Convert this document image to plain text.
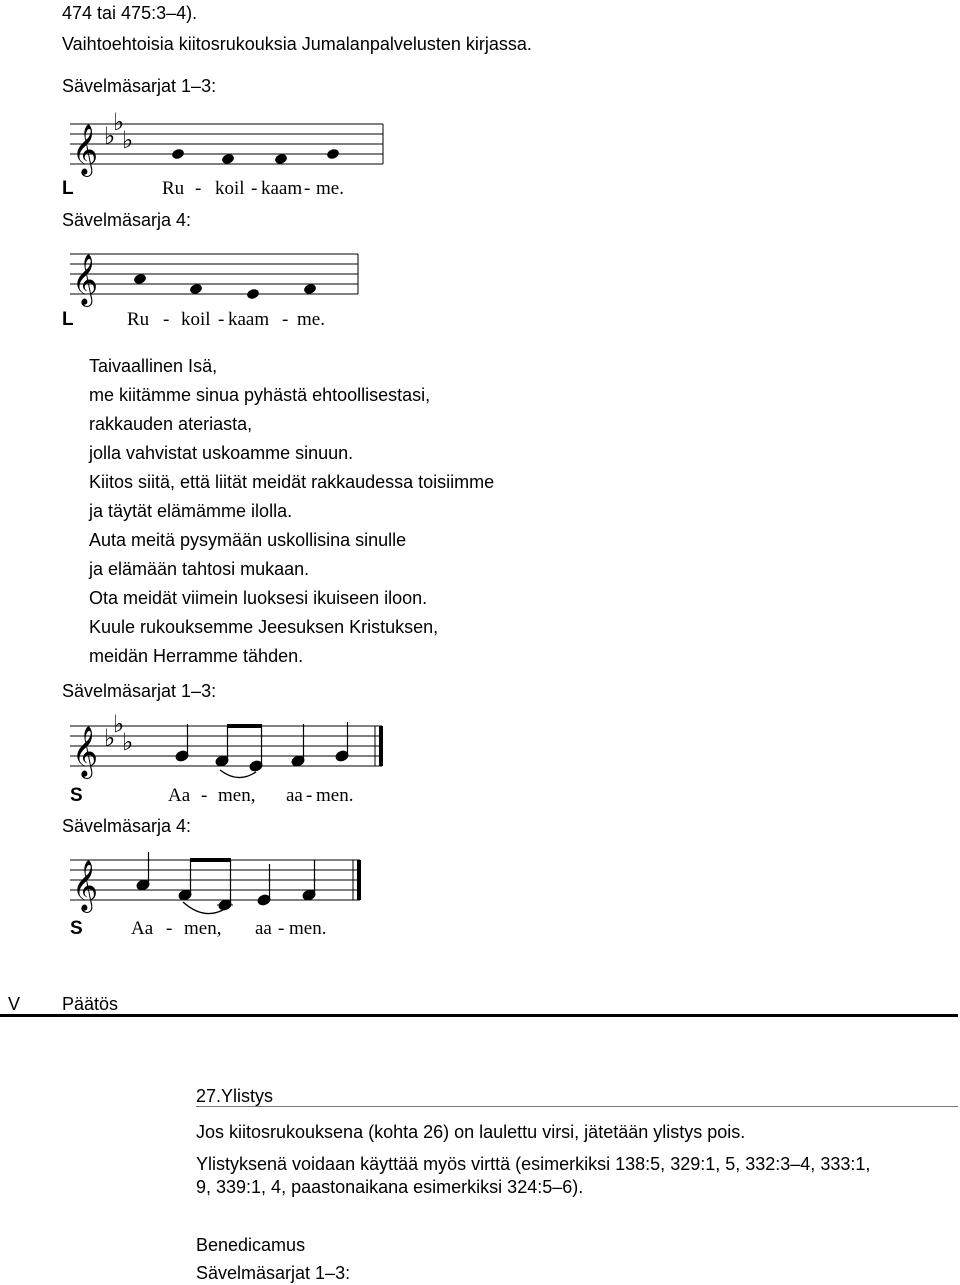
474 tai 475:3–4).
Vaihtoehtoisia kiitosrukouksia Jumalanpalvelusten kirjassa.
Sävelmäsarjat 1–3:
𝄞 ♭
♭
♭
L	Ru - koil - kaam - me.
Sävelmäsarja 4:
𝄞
L	Ru - koil - kaam - me.
Taivaallinen Isä,
me kiitämme sinua pyhästä ehtoollisestasi,
rakkauden ateriasta,
jolla vahvistat uskoamme sinuun.
Kiitos siitä, että liität meidät rakkaudessa toisiimme
ja täytät elämämme ilolla.
Auta meitä pysymään uskollisina sinulle
ja elämään tahtosi mukaan.
Ota meidät viimein luoksesi ikuiseen iloon.
Kuule rukouksemme Jeesuksen Kristuksen,
meidän Herramme tähden.
Sävelmäsarjat 1–3:
𝄞 ♭
♭
♭
S	Aa - men, aa - men.
Sävelmäsarja 4:
𝄞
S	Aa - men, aa - men.
V Päätös
27.Ylistys
Jos kiitosrukouksena (kohta 26) on laulettu virsi, jätetään ylistys pois.
Ylistyksenä voidaan käyttää myös virttä (esimerkiksi 138:5, 329:1, 5, 332:3–4, 333:1,
9, 339:1, 4, paastonaikana esimerkiksi 324:5–6).
Benedicamus
Sävelmäsarjat 1–3:
